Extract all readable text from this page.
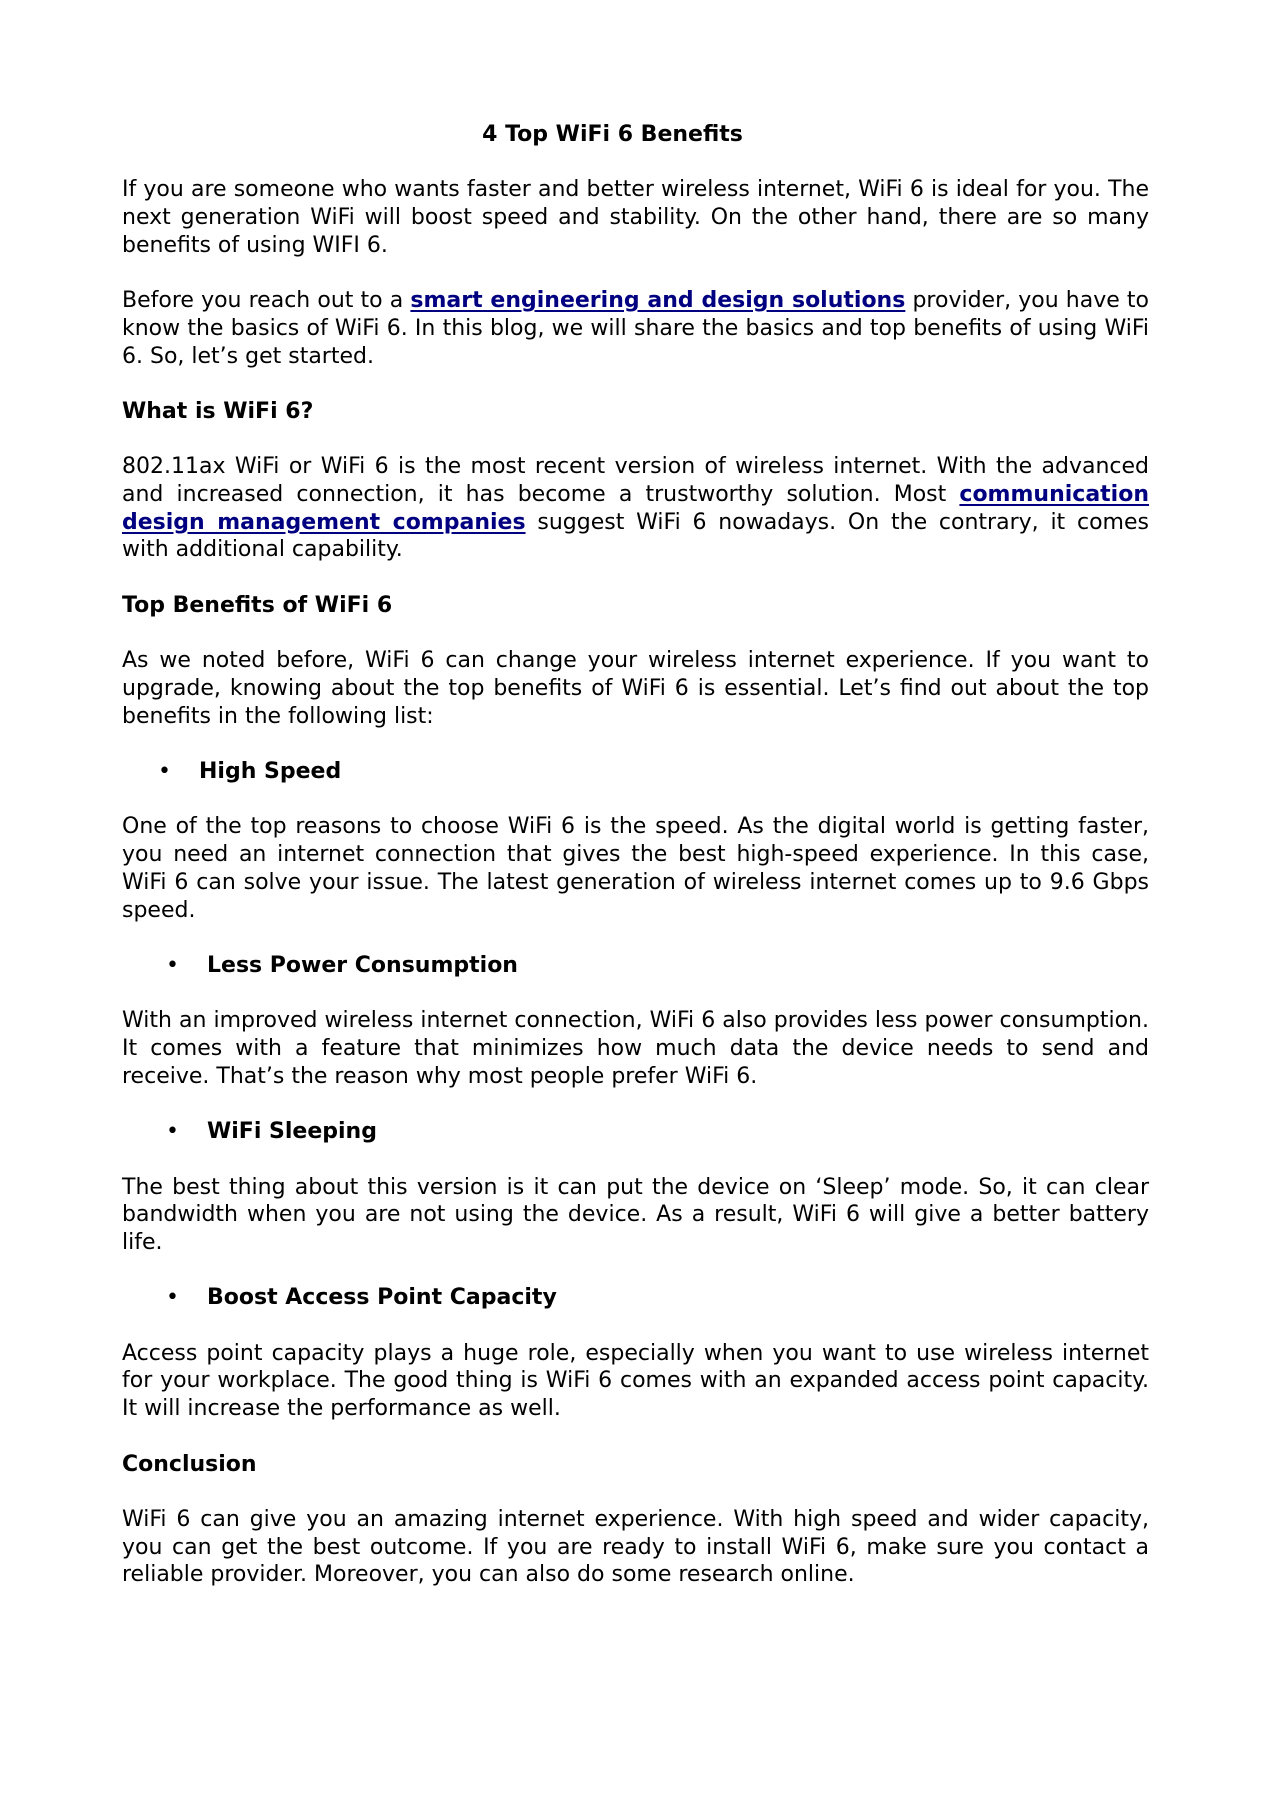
4 Top WiFi 6 Benefits

If you are someone who wants faster and better wireless internet, WiFi 6 is ideal for you. The next generation WiFi will boost speed and stability. On the other hand, there are so many benefits of using WIFI 6.

Before you reach out to a smart engineering and design solutions provider, you have to know the basics of WiFi 6. In this blog, we will share the basics and top benefits of using WiFi 6. So, let’s get started.

What is WiFi 6?

802.11ax WiFi or WiFi 6 is the most recent version of wireless internet. With the advanced and increased connection, it has become a trustworthy solution. Most communication design management companies suggest WiFi 6 nowadays. On the contrary, it comes with additional capability.

Top Benefits of WiFi 6

As we noted before, WiFi 6 can change your wireless internet experience. If you want to upgrade, knowing about the top benefits of WiFi 6 is essential. Let’s find out about the top benefits in the following list:

• High Speed

One of the top reasons to choose WiFi 6 is the speed. As the digital world is getting faster, you need an internet connection that gives the best high-speed experience. In this case, WiFi 6 can solve your issue. The latest generation of wireless internet comes up to 9.6 Gbps speed.

• Less Power Consumption

With an improved wireless internet connection, WiFi 6 also provides less power consumption. It comes with a feature that minimizes how much data the device needs to send and receive. That’s the reason why most people prefer WiFi 6.

• WiFi Sleeping

The best thing about this version is it can put the device on ‘Sleep’ mode. So, it can clear bandwidth when you are not using the device. As a result, WiFi 6 will give a better battery life.

• Boost Access Point Capacity

Access point capacity plays a huge role, especially when you want to use wireless internet for your workplace. The good thing is WiFi 6 comes with an expanded access point capacity. It will increase the performance as well.

Conclusion

WiFi 6 can give you an amazing internet experience. With high speed and wider capacity, you can get the best outcome. If you are ready to install WiFi 6, make sure you contact a reliable provider. Moreover, you can also do some research online.
